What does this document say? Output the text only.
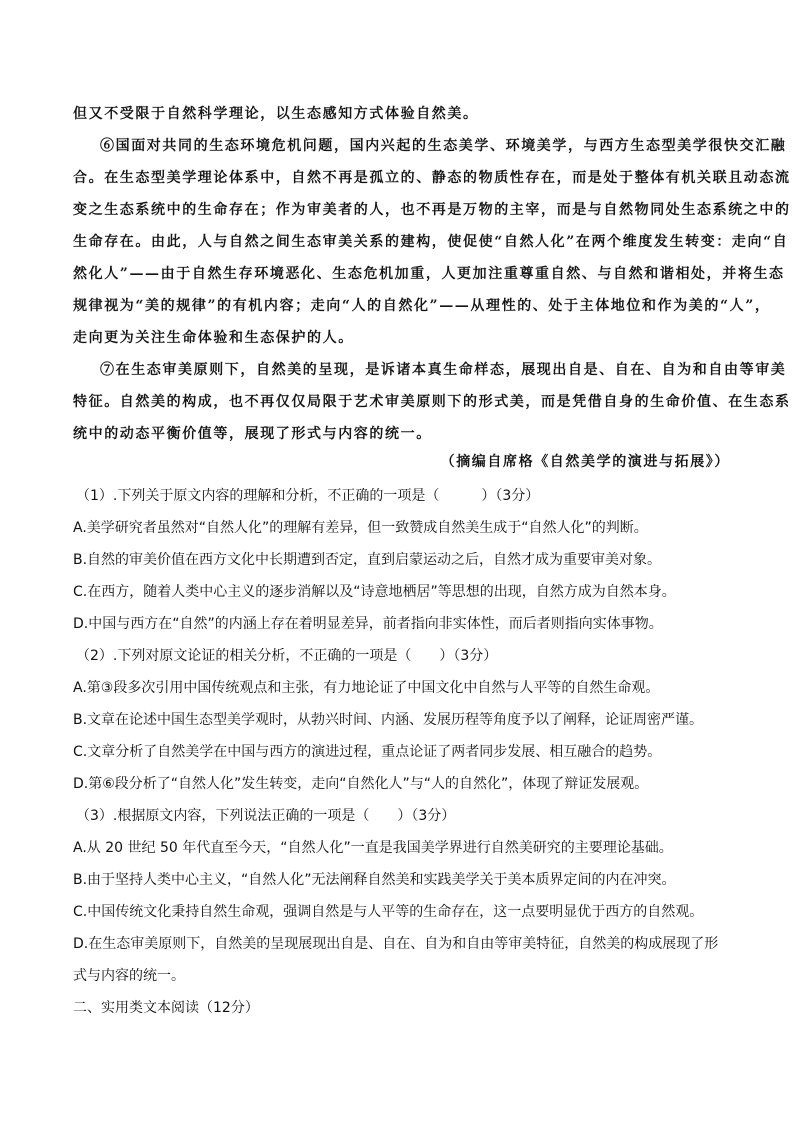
但又不受限于自然科学理论，以生态感知方式体验自然美。
⑥国面对共同的生态环境危机问题，国内兴起的生态美学、环境美学，与西方生态型美学很快交汇融
合。在生态型美学理论体系中，自然不再是孤立的、静态的物质性存在，而是处于整体有机关联且动态流
变之生态系统中的生命存在；作为审美者的人，也不再是万物的主宰，而是与自然物同处生态系统之中的
生命存在。由此，人与自然之间生态审美关系的建构，使促使“自然人化”在两个维度发生转变：走向“自
然化人”——由于自然生存环境恶化、生态危机加重，人更加注重尊重自然、与自然和谐相处，并将生态
规律视为“美的规律”的有机内容；走向“人的自然化”——从理性的、处于主体地位和作为美的“人”，
走向更为关注生命体验和生态保护的人。
⑦在生态审美原则下，自然美的呈现，是诉诸本真生命样态，展现出自是、自在、自为和自由等审美
特征。自然美的构成，也不再仅仅局限于艺术审美原则下的形式美，而是凭借自身的生命价值、在生态系
统中的动态平衡价值等，展现了形式与内容的统一。
（摘编自席格《自然美学的演进与拓展》）
（1）.下列关于原文内容的理解和分析，不正确的一项是（　　　）（3分）
A.美学研究者虽然对“自然人化”的理解有差异，但一致赞成自然美生成于“自然人化”的判断。
B.自然的审美价值在西方文化中长期遭到否定，直到启蒙运动之后，自然才成为重要审美对象。
C.在西方，随着人类中心主义的逐步消解以及“诗意地栖居”等思想的出现，自然方成为自然本身。
D.中国与西方在“自然”的内涵上存在着明显差异，前者指向非实体性，而后者则指向实体事物。
（2）.下列对原文论证的相关分析，不正确的一项是（　　）（3分）
A.第③段多次引用中国传统观点和主张，有力地论证了中国文化中自然与人平等的自然生命观。
B.文章在论述中国生态型美学观时，从勃兴时间、内涵、发展历程等角度予以了阐释，论证周密严谨。
C.文章分析了自然美学在中国与西方的演进过程，重点论证了两者同步发展、相互融合的趋势。
D.第⑥段分析了“自然人化”发生转变，走向“自然化人”与“人的自然化”，体现了辩证发展观。
（3）.根据原文内容，下列说法正确的一项是（　　）（3分）
A.从 20 世纪 50 年代直至今天，“自然人化”一直是我国美学界进行自然美研究的主要理论基础。
B.由于坚持人类中心主义，“自然人化”无法阐释自然美和实践美学关于美本质界定间的内在冲突。
C.中国传统文化秉持自然生命观，强调自然是与人平等的生命存在，这一点要明显优于西方的自然观。
D.在生态审美原则下，自然美的呈现展现出自是、自在、自为和自由等审美特征，自然美的构成展现了形
式与内容的统一。
二、实用类文本阅读（12分）
